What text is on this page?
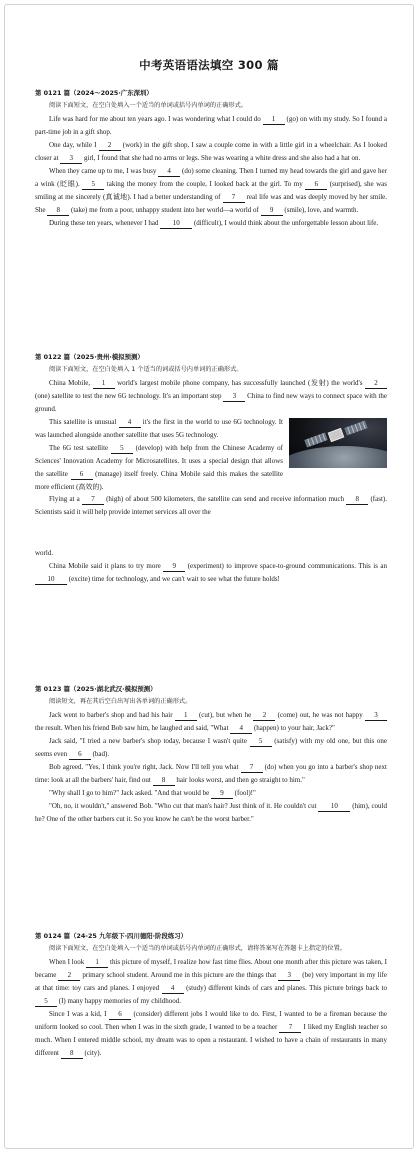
中考英语语法填空 300 篇
第 0121 篇（2024～2025·广东深圳）
阅读下面短文，在空白处填入一个适当的单词或括号内单词的正确形式。
Life was hard for me about ten years ago. I was wondering what I could do 1 (go) on with my study. So I found a part-time job in a gift shop.
One day, while I 2 (work) in the gift shop, I saw a couple come in with a little girl in a wheelchair. As I looked closer at 3 girl, I found that she had no arms or legs. She was wearing a white dress and she also had a hat on.
When they came up to me, I was busy 4 (do) some cleaning. Then I turned my head towards the girl and gave her a wink (眨眼). 5 taking the money from the couple, I looked back at the girl. To my 6 (surprised), she was smiling at me sincerely (真诚地). I had a better understanding of 7 real life was and was deeply moved by her smile. She 8 (take) me from a poor, unhappy student into her world—a world of 9 (smile), love, and warmth.
During these ten years, whenever I had 10 (difficult), I would think about the unforgettable lesson about life.
第 0122 篇（2025·贵州·模拟预测）
阅读下面短文，在空白处填入 1 个适当的词或括号内单词的正确形式。
China Mobile, 1 world's largest mobile phone company, has successfully launched (发射) the world's 2 (one) satellite to test the new 6G technology. It's an important step 3 China to find new ways to connect space with the ground.
This satellite is unusual 4 it's the first in the world to use 6G technology. It was launched alongside another satellite that uses 5G technology.
The 6G test satellite 5 (develop) with help from the Chinese Academy of Sciences' Innovation Academy for Microsatellites. It uses a special design that allows the satellite 6 (manage) itself freely. China Mobile said this makes the satellite more efficient (高效的).
Flying at a 7 (high) of about 500 kilometers, the satellite can send and receive information much 8 (fast). Scientists said it will help provide internet services all over the
world.
China Mobile said it plans to try more 9 (experiment) to improve space-to-ground communications. This is an 10 (excite) time for technology, and we can't wait to see what the future holds!
第 0123 篇（2025·湖北武汉·模拟预测）
阅读短文，再在其后空白出写出各单词的正确形式。
Jack went to barber's shop and had his hair 1 (cut), but when he 2 (come) out, he was not happy 3 the result. When his friend Bob saw him, he laughed and said, "What 4 (happen) to your hair, Jack?"
Jack said, "I tried a new barber's shop today, because I wasn't quite 5 (satisfy) with my old one, but this one seems even 6 (bad).
Bob agreed. "Yes, I think you're right, Jack. Now I'll tell you what 7 (do) when you go into a barber's shop next time: look at all the barbers' hair, find out 8 hair looks worst, and then go straight to him."
"Why shall I go to him?" Jack asked. "And that would be 9 (fool)!"
"Oh, no, it wouldn't," answered Bob. "Who cut that man's hair? Just think of it. He couldn't cut 10 (him), could he? One of the other barbers cut it. So you know he can't be the worst barber."
第 0124 篇（24-25 九年级下·四川德阳·阶段练习）
阅读下面短文，在空白处填入一个适当的单词或括号内单词的正确形式，请将答案写在答题卡上指定的位置。
When I look 1 this picture of myself, I realize how fast time flies. About one month after this picture was taken, I became 2 primary school student. Around me in this picture are the things that 3 (be) very important in my life at that time: toy cars and planes. I enjoyed 4 (study) different kinds of cars and planes. This picture brings back to 5 (I) many happy memories of my childhood.
Since I was a kid, I 6 (consider) different jobs I would like to do. First, I wanted to be a fireman because the uniform looked so cool. Then when I was in the sixth grade, I wanted to be a teacher 7 I liked my English teacher so much. When I entered middle school, my dream was to open a restaurant. I wished to have a chain of restaurants in many different 8 (city).
